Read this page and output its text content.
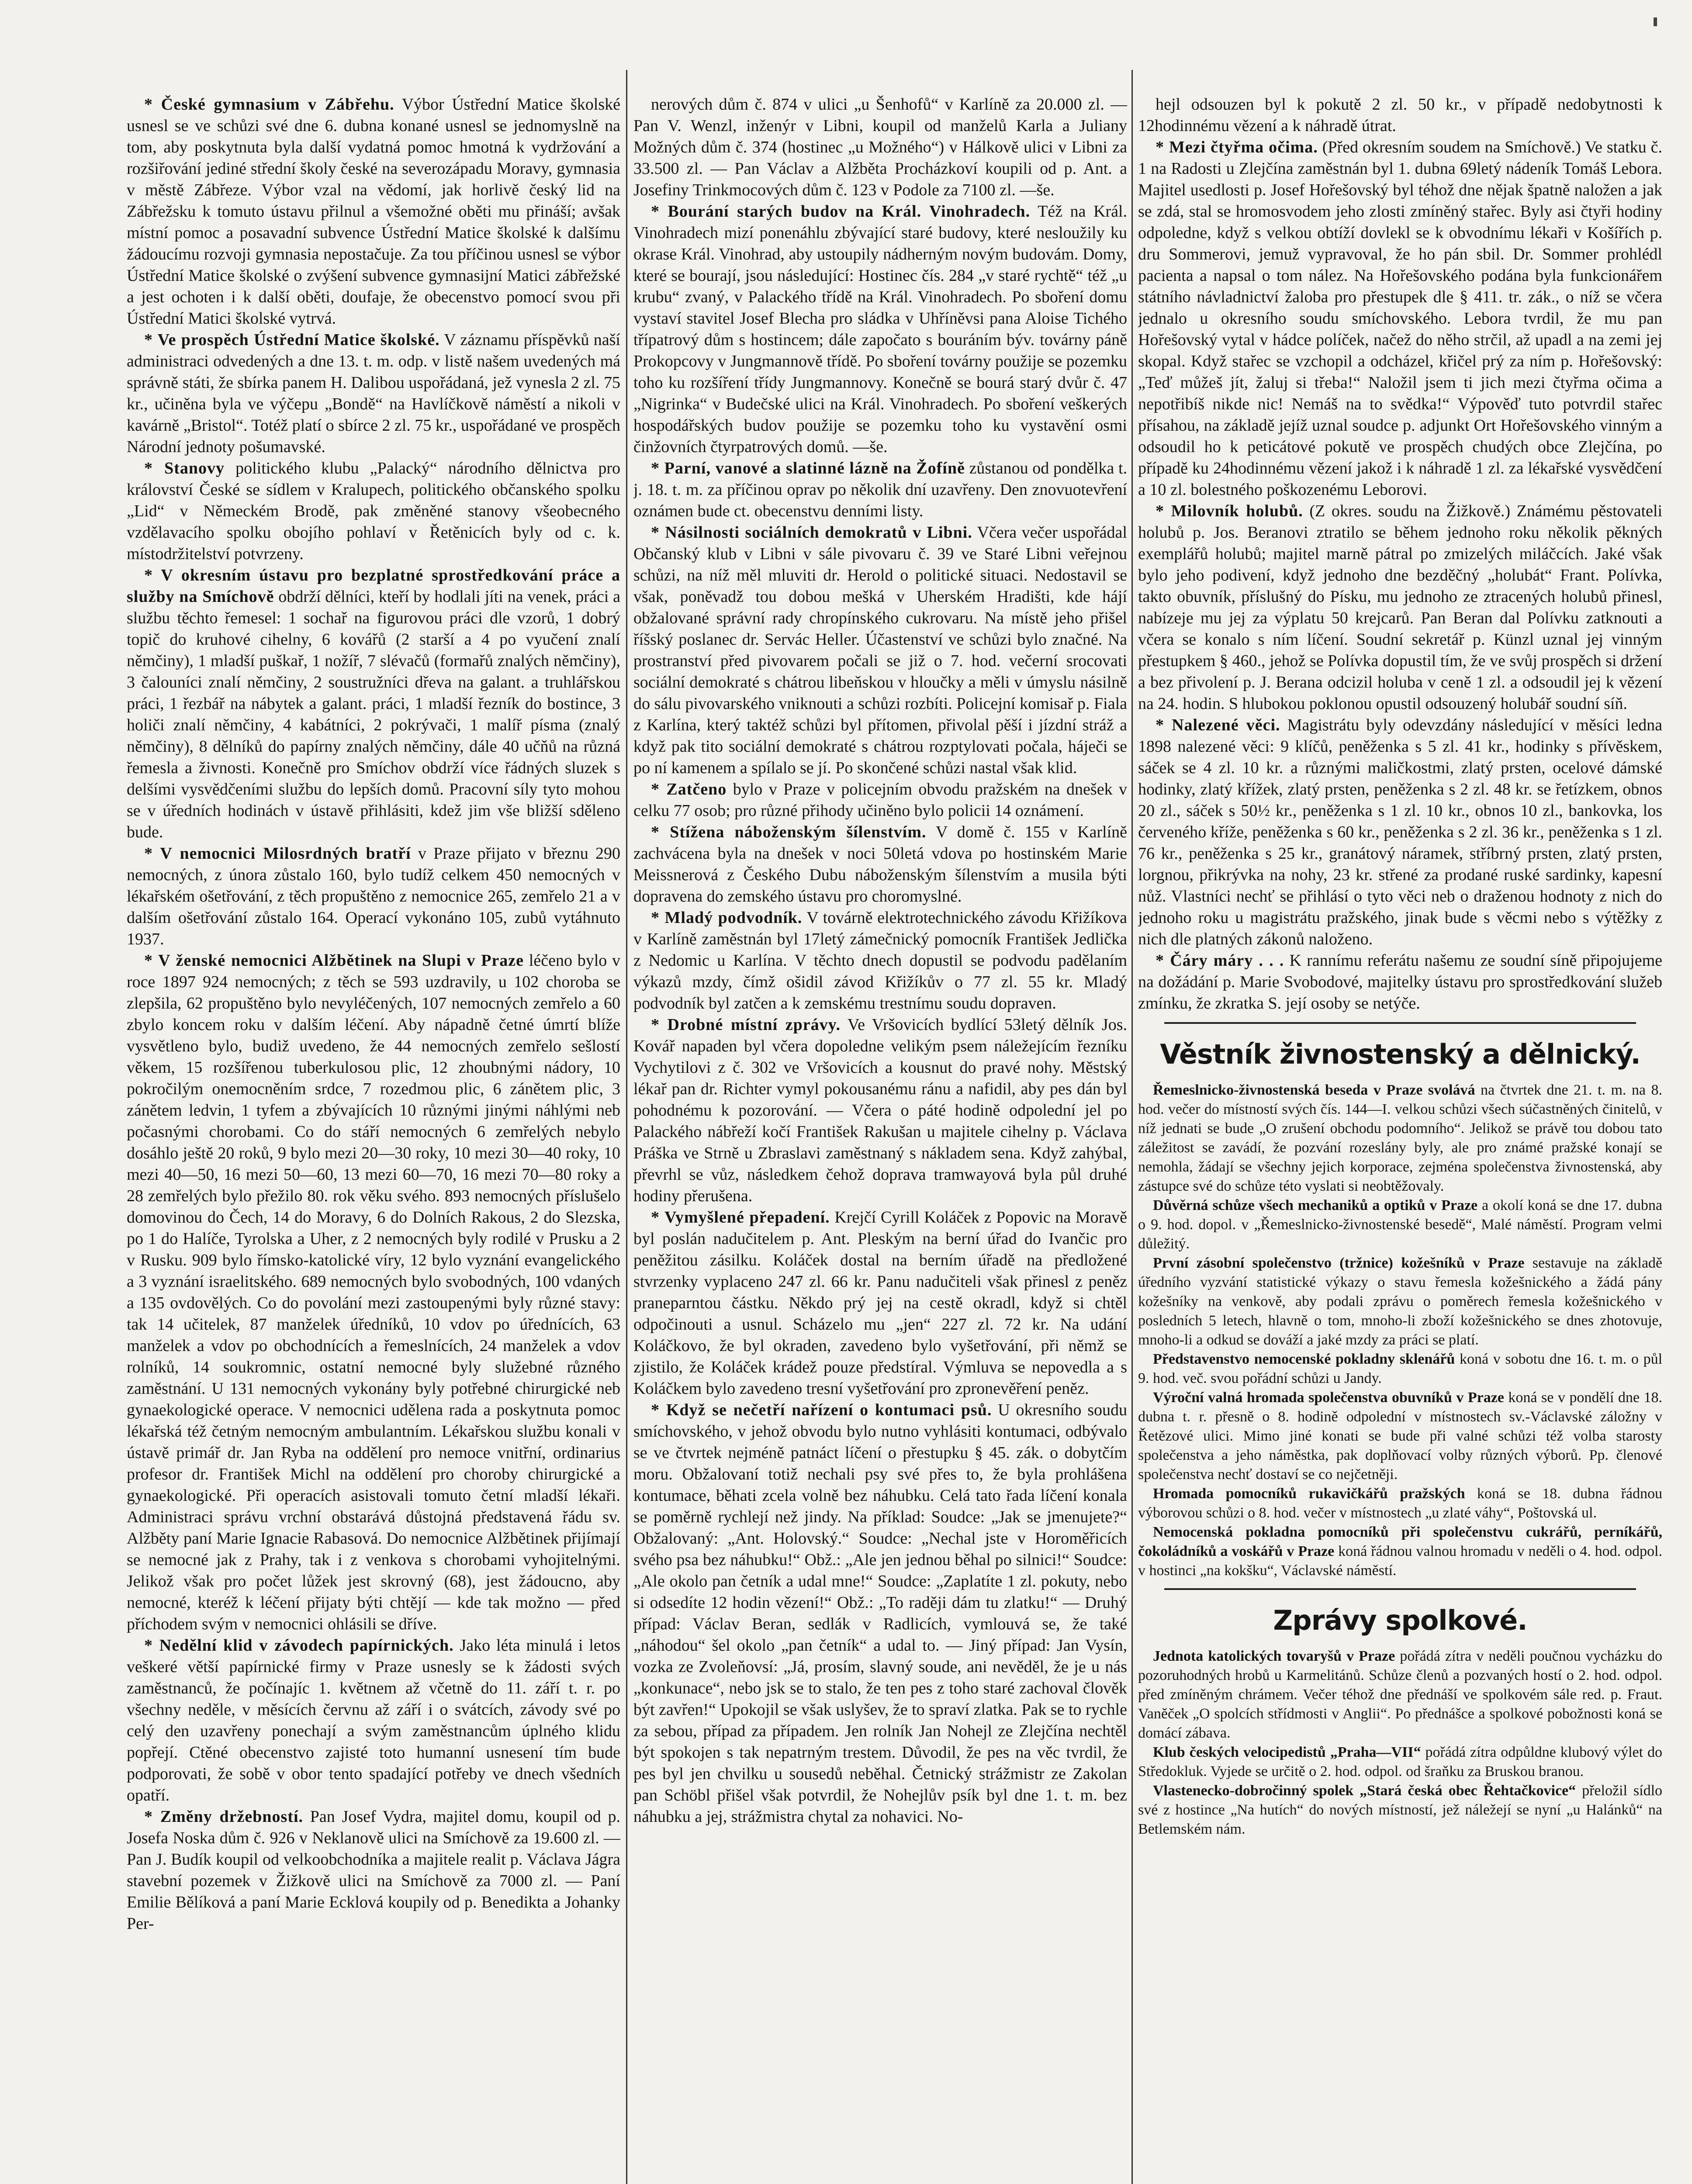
* České gymnasium v Zábřehu. Výbor Ústřední Matice školské usnesl se ve schůzi své dne 6. dubna konané usnesl se jednomyslně na tom, aby poskytnuta byla další vydatná pomoc hmotná k vydržování a rozšiřování jediné střední školy české na severozápadu Moravy, gymnasia v městě Zábřeze. Výbor vzal na vědomí, jak horlivě český lid na Zábřežsku k tomuto ústavu přilnul a všemožné oběti mu přináší; avšak místní pomoc a posavadní subvence Ústřední Matice školské k dalšímu žádoucímu rozvoji gymnasia nepostačuje. Za tou příčinou usnesl se výbor Ústřední Matice školské o zvýšení subvence gymnasijní Matici zábřežské a jest ochoten i k další oběti, doufaje, že obecenstvo pomocí svou při Ústřední Matici školské vytrvá.

* Ve prospěch Ústřední Matice školské. V záznamu příspěvků naší administraci odvedených a dne 13. t. m. odp. v listě našem uvedených má správně státi, že sbírka panem H. Dalibou uspořádaná, jež vynesla 2 zl. 75 kr., učiněna byla ve výčepu „Bondě“ na Havlíčkově náměstí a nikoli v kavárně „Bristol“. Totéž platí o sbírce 2 zl. 75 kr., uspořádané ve prospěch Národní jednoty pošumavské.

* Stanovy politického klubu „Palacký“ národního dělnictva pro království České se sídlem v Kralupech, politického občanského spolku „Lid“ v Německém Brodě, pak změněné stanovy všeobecného vzdělavacího spolku obojího pohlaví v Řetěnicích byly od c. k. místodržitelství potvrzeny.

* V okresním ústavu pro bezplatné sprostředkování práce a služby na Smíchově obdrží dělníci, kteří by hodlali jíti na venek, práci a službu těchto řemesel: 1 sochař na figurovou práci dle vzorů, 1 dobrý topič do kruhové cihelny, 6 kovářů (2 starší a 4 po vyučení znalí němčiny), 1 mladší puškař, 1 nožíř, 7 slévačů (formařů znalých němčiny), 3 čalouníci znalí němčiny, 2 soustružníci dřeva na galant. a truhlářskou práci, 1 řezbář na nábytek a galant. práci, 1 mladší řezník do bostince, 3 holiči znalí němčiny, 4 kabátníci, 2 pokrývači, 1 malíř písma (znalý němčiny), 8 dělníků do papírny znalých němčiny, dále 40 učňů na různá řemesla a živnosti. Konečně pro Smíchov obdrží více řádných sluzek s delšími vysvědčeními službu do lepších domů. Pracovní síly tyto mohou se v úředních hodinách v ústavě přihlásiti, kdež jim vše bližší sděleno bude.

* V nemocnici Milosrdných bratří v Praze přijato v březnu 290 nemocných, z února zůstalo 160, bylo tudíž celkem 450 nemocných v lékařském ošetřování, z těch propuštěno z nemocnice 265, zemřelo 21 a v dalším ošetřování zůstalo 164. Operací vykonáno 105, zubů vytáhnuto 1937.

* V ženské nemocnici Alžbětinek na Slupi v Praze léčeno bylo v roce 1897 924 nemocných; z těch se 593 uzdravily, u 102 choroba se zlepšila, 62 propuštěno bylo nevyléčených, 107 nemocných zemřelo a 60 zbylo koncem roku v dalším léčení. Aby nápadně četné úmrtí blíže vysvětleno bylo, budiž uvedeno, že 44 nemocných zemřelo sešlostí věkem, 15 rozšířenou tuberkulosou plic, 12 zhoubnými nádory, 10 pokročilým onemocněním srdce, 7 rozedmou plic, 6 zánětem plic, 3 zánětem ledvin, 1 tyfem a zbývajících 10 různými jinými náhlými neb počasnými chorobami. Co do stáří nemocných 6 zemřelých nebylo dosáhlo ještě 20 roků, 9 bylo mezi 20—30 roky, 10 mezi 30—40 roky, 10 mezi 40—50, 16 mezi 50—60, 13 mezi 60—70, 16 mezi 70—80 roky a 28 zemřelých bylo přežilo 80. rok věku svého. 893 nemocných příslušelo domovinou do Čech, 14 do Moravy, 6 do Dolních Rakous, 2 do Slezska, po 1 do Halíče, Tyrolska a Uher, z 2 nemocných byly rodilé v Prusku a 2 v Rusku. 909 bylo římsko-katolické víry, 12 bylo vyznání evangelického a 3 vyznání israelitského. 689 nemocných bylo svobodných, 100 vdaných a 135 ovdovělých. Co do povolání mezi zastoupenými byly různé stavy: tak 14 učitelek, 87 manželek úředníků, 10 vdov po úřednících, 63 manželek a vdov po obchodnících a řemeslnících, 24 manželek a vdov rolníků, 14 soukromnic, ostatní nemocné byly služebné různého zaměstnání. U 131 nemocných vykonány byly potřebné chirurgické neb gynaekologické operace. V nemocnici udělena rada a poskytnuta pomoc lékařská též četným nemocným ambulantním. Lékařskou službu konali v ústavě primář dr. Jan Ryba na oddělení pro nemoce vnitřní, ordinarius profesor dr. František Michl na oddělení pro choroby chirurgické a gynaekologické. Při operacích asistovali tomuto četní mladší lékaři. Administraci správu vrchní obstarává důstojná představená řádu sv. Alžběty paní Marie Ignacie Rabasová. Do nemocnice Alžbětinek přijímají se nemocné jak z Prahy, tak i z venkova s chorobami vyhojitelnými. Jelikož však pro počet lůžek jest skrovný (68), jest žádoucno, aby nemocné, kteréž k léčení přijaty býti chtějí — kde tak možno — před příchodem svým v nemocnici ohlásili se dříve.

* Nedělní klid v závodech papírnických. Jako léta minulá i letos veškeré větší papírnické firmy v Praze usnesly se k žádosti svých zaměstnanců, že počínajíc 1. květnem až včetně do 11. září t. r. po všechny neděle, v měsících červnu až září i o svátcích, závody své po celý den uzavřeny ponechají a svým zaměstnancům úplného klidu popřejí. Ctěné obecenstvo zajisté toto humanní usnesení tím bude podporovati, že sobě v obor tento spadající potřeby ve dnech všedních opatří.

* Změny držebností. Pan Josef Vydra, majitel domu, koupil od p. Josefa Noska dům č. 926 v Neklanově ulici na Smíchově za 19.600 zl. — Pan J. Budík koupil od velkoobchodníka a majitele realit p. Václava Jágra stavební pozemek v Žižkově ulici na Smíchově za 7000 zl. — Paní Emilie Bělíková a paní Marie Ecklová koupily od p. Benedikta a Johanky Per-

nerových dům č. 874 v ulici „u Šenhofů“ v Karlíně za 20.000 zl. — Pan V. Wenzl, inženýr v Libni, koupil od manželů Karla a Juliany Možných dům č. 374 (hostinec „u Možného“) v Hálkově ulici v Libni za 33.500 zl. — Pan Václav a Alžběta Procházkoví koupili od p. Ant. a Josefiny Trinkmocových dům č. 123 v Podole za 7100 zl. —še.

* Bourání starých budov na Král. Vinohradech. Též na Král. Vinohradech mizí ponenáhlu zbývající staré budovy, které nesloužily ku okrase Král. Vinohrad, aby ustoupily nádherným novým budovám. Domy, které se bourají, jsou následující: Hostinec čís. 284 „v staré rychtě“ též „u krubu“ zvaný, v Palackého třídě na Král. Vinohradech. Po sboření domu vystaví stavitel Josef Blecha pro sládka v Uhříněvsi pana Aloise Tichého třípatrový dům s hostincem; dále započato s bouráním býv. továrny páně Prokopcovy v Jungmannově třídě. Po sboření továrny použije se pozemku toho ku rozšíření třídy Jungmannovy. Konečně se bourá starý dvůr č. 47 „Nigrinka“ v Budečské ulici na Král. Vinohradech. Po sboření veškerých hospodářských budov použije se pozemku toho ku vystavění osmi činžovních čtyrpatrových domů. —še.

* Parní, vanové a slatinné lázně na Žofíně zůstanou od pondělka t. j. 18. t. m. za příčinou oprav po několik dní uzavřeny. Den znovuotevření oznámen bude ct. obecenstvu denními listy.

* Násilnosti sociálních demokratů v Libni. Včera večer uspořádal Občanský klub v Libni v sále pivovaru č. 39 ve Staré Libni veřejnou schůzi, na níž měl mluviti dr. Herold o politické situaci. Nedostavil se však, poněvadž tou dobou mešká v Uherském Hradišti, kde hájí obžalované správní rady chropínského cukrovaru. Na místě jeho přišel říšský poslanec dr. Servác Heller. Účastenství ve schůzi bylo značné. Na prostranství před pivovarem počali se již o 7. hod. večerní srocovati sociální demokraté s chátrou libeňskou v hloučky a měli v úmyslu násilně do sálu pivovarského vniknouti a schůzi rozbíti. Policejní komisař p. Fiala z Karlína, který taktéž schůzi byl přítomen, přivolal pěší i jízdní stráž a když pak tito sociální demokraté s chátrou rozptylovati počala, háječi se po ní kamenem a spílalo se jí. Po skončené schůzi nastal však klid.

* Zatčeno bylo v Praze v policejním obvodu pražském na dnešek v celku 77 osob; pro různé přihody učiněno bylo policii 14 oznámení.

* Stížena náboženským šílenstvím. V domě č. 155 v Karlíně zachvácena byla na dnešek v noci 50letá vdova po hostinském Marie Meissnerová z Českého Dubu náboženským šílenstvím a musila býti dopravena do zemského ústavu pro choromyslné.

* Mladý podvodník. V továrně elektrotechnického závodu Křižíkova v Karlíně zaměstnán byl 17letý zámečnický pomocník František Jedlička z Nedomic u Karlína. V těchto dnech dopustil se podvodu padělaním výkazů mzdy, čímž ošidil závod Křižíkův o 77 zl. 55 kr. Mladý podvodník byl zatčen a k zemskému trestnímu soudu dopraven.

* Drobné místní zprávy. Ve Vršovicích bydlící 53letý dělník Jos. Kovář napaden byl včera dopoledne velikým psem náležejícím řezníku Vychytilovi z č. 302 ve Vršovicích a kousnut do pravé nohy. Městský lékař pan dr. Richter vymyl pokousanému ránu a nafidil, aby pes dán byl pohodnému k pozorování. — Včera o páté hodině odpolední jel po Palackého nábřeží kočí František Rakušan u majitele cihelny p. Václava Práška ve Strně u Zbraslavi zaměstnaný s nákladem sena. Když zahýbal, převrhl se vůz, následkem čehož doprava tramwayová byla půl druhé hodiny přerušena.

* Vymyšlené přepadení. Krejčí Cyrill Koláček z Popovic na Moravě byl poslán nadučitelem p. Ant. Pleským na berní úřad do Ivančic pro peněžitou zásilku. Koláček dostal na berním úřadě na předložené stvrzenky vyplaceno 247 zl. 66 kr. Panu nadučiteli však přinesl z peněz praneparntou částku. Někdo prý jej na cestě okradl, když si chtěl odpočinouti a usnul. Scházelo mu „jen“ 227 zl. 72 kr. Na udání Koláčkovo, že byl okraden, zavedeno bylo vyšetřování, při němž se zjistilo, že Koláček krádež pouze předstíral. Výmluva se nepovedla a s Koláčkem bylo zavedeno tresní vyšetřování pro zpronevěření peněz.

* Když se nečetří nařízení o kontumaci psů. U okresního soudu smíchovského, v jehož obvodu bylo nutno vyhlásiti kontumaci, odbývalo se ve čtvrtek nejméně patnáct líčení o přestupku § 45. zák. o dobytčím moru. Obžalovaní totiž nechali psy své přes to, že byla prohlášena kontumace, běhati zcela volně bez náhubku. Celá tato řada líčení konala se poměrně rychlejí než jindy. Na příklad: Soudce: „Jak se jmenujete?“ Obžalovaný: „Ant. Holovský.“ Soudce: „Nechal jste v Horoměřicích svého psa bez náhubku!“ Obž.: „Ale jen jednou běhal po silnici!“ Soudce: „Ale okolo pan četník a udal mne!“ Soudce: „Zaplatíte 1 zl. pokuty, nebo si odsedíte 12 hodin vězení!“ Obž.: „To raději dám tu zlatku!“ — Druhý případ: Václav Beran, sedlák v Radlicích, vymlouvá se, že také „náhodou“ šel okolo „pan četník“ a udal to. — Jiný případ: Jan Vysín, vozka ze Zvoleňovsí: „Já, prosím, slavný soude, ani nevěděl, že je u nás „konkunace“, nebo jsk se to stalo, že ten pes z toho staré zachoval člověk být zavřen!“ Upokojil se však uslyšev, že to spraví zlatka. Pak se to rychle za sebou, případ za případem. Jen rolník Jan Nohejl ze Zlejčína nechtěl být spokojen s tak nepatrným trestem. Důvodil, že pes na věc tvrdil, že pes byl jen chvilku u sousedů neběhal. Četnický strážmistr ze Zakolan pan Schöbl přišel však potvrdil, že Nohejlův psík byl dne 1. t. m. bez náhubku a jej, strážmistra chytal za nohavici. No-

hejl odsouzen byl k pokutě 2 zl. 50 kr., v případě nedobytnosti k 12hodinnému vězení a k náhradě útrat.

* Mezi čtyřma očima. (Před okresním soudem na Smíchově.) Ve statku č. 1 na Radosti u Zlejčína zaměstnán byl 1. dubna 69letý nádeník Tomáš Lebora. Majitel usedlosti p. Josef Hořešovský byl téhož dne nějak špatně naložen a jak se zdá, stal se hromosvodem jeho zlosti zmíněný stařec. Byly asi čtyři hodiny odpoledne, když s velkou obtíží dovlekl se k obvodnímu lékaři v Košířích p. dru Sommerovi, jemuž vypravoval, že ho pán sbil. Dr. Sommer prohlédl pacienta a napsal o tom nález. Na Hořešovského podána byla funkcionářem státního návladnictví žaloba pro přestupek dle § 411. tr. zák., o níž se včera jednalo u okresního soudu smíchovského. Lebora tvrdil, že mu pan Hořešovský vytal v hádce políček, načež do něho strčil, až upadl a na zemi jej skopal. Když stařec se vzchopil a odcházel, křičel prý za ním p. Hořešovský: „Teď můžeš jít, žaluj si třeba!“ Naložil jsem ti jich mezi čtyřma očima a nepotřibíš nikde nic! Nemáš na to svědka!“ Výpověď tuto potvrdil stařec přísahou, na základě jejíž uznal soudce p. adjunkt Ort Hořešovského vinným a odsoudil ho k peticátové pokutě ve prospěch chudých obce Zlejčína, po případě ku 24hodinnému vězení jakož i k náhradě 1 zl. za lékařské vysvědčení a 10 zl. bolestného poškozenému Leborovi.

* Milovník holubů. (Z okres. soudu na Žižkově.) Známému pěstovateli holubů p. Jos. Beranovi ztratilo se během jednoho roku několik pěkných exemplářů holubů; majitel marně pátral po zmizelých miláčcích. Jaké však bylo jeho podivení, když jednoho dne bezděčný „holubát“ Frant. Polívka, takto obuvník, příslušný do Písku, mu jednoho ze ztracených holubů přinesl, nabízeje mu jej za výplatu 50 krejcarů. Pan Beran dal Polívku zatknouti a včera se konalo s ním líčení. Soudní sekretář p. Künzl uznal jej vinným přestupkem § 460., jehož se Polívka dopustil tím, že ve svůj prospěch si držení a bez přivolení p. J. Berana odcizil holuba v ceně 1 zl. a odsoudil jej k vězení na 24. hodin. S hlubokou poklonou opustil odsouzený holubář soudní síň.

* Nalezené věci. Magistrátu byly odevzdány následující v měsíci ledna 1898 nalezené věci: 9 klíčů, peněženka s 5 zl. 41 kr., hodinky s přívěskem, sáček se 4 zl. 10 kr. a různými maličkostmi, zlatý prsten, ocelové dámské hodinky, zlatý křížek, zlatý prsten, peněženka s 2 zl. 48 kr. se řetízkem, obnos 20 zl., sáček s 50½ kr., peněženka s 1 zl. 10 kr., obnos 10 zl., bankovka, los červeného kříže, peněženka s 60 kr., peněženka s 2 zl. 36 kr., peněženka s 1 zl. 76 kr., peněženka s 25 kr., granátový náramek, stříbrný prsten, zlatý prsten, lorgnou, přikrývka na nohy, 23 kr. střené za prodané ruské sardinky, kapesní nůž. Vlastníci nechť se přihlásí o tyto věci neb o draženou hodnoty z nich do jednoho roku u magistrátu pražského, jinak bude s věcmi nebo s výtěžky z nich dle platných zákonů naloženo.

* Čáry máry . . . K rannímu referátu našemu ze soudní síně připojujeme na dožádání p. Marie Svobodové, majitelky ústavu pro sprostředkování služeb zmínku, že zkratka S. její osoby se netýče.

Věstník živnostenský a dělnický.

Řemeslnicko-živnostenská beseda v Praze svolává na čtvrtek dne 21. t. m. na 8. hod. večer do místností svých čís. 144—I. velkou schůzi všech súčastněných činitelů, v níž jednati se bude „O zrušení obchodu podomního“. Jelikož se právě tou dobou tato záležitost se zavádí, že pozvání rozeslány byly, ale pro známé pražské konají se nemohla, žádají se všechny jejich korporace, zejména společenstva živnostenská, aby zástupce své do schůze této vyslati si neobtěžovaly.

Důvěrná schůze všech mechaniků a optiků v Praze a okolí koná se dne 17. dubna o 9. hod. dopol. v „Řemeslnicko-živnostenské besedě“, Malé náměstí. Program velmi důležitý.

První zásobní společenstvo (tržnice) kožešníků v Praze sestavuje na základě úředního vyzvání statistické výkazy o stavu řemesla kožešnického a žádá pány kožešníky na venkově, aby podali zprávu o poměrech řemesla kožešnického v posledních 5 letech, hlavně o tom, mnoho-li zboží kožešnického se dnes zhotovuje, mnoho-li a odkud se dováží a jaké mzdy za práci se platí.

Představenstvo nemocenské pokladny sklenářů koná v sobotu dne 16. t. m. o půl 9. hod. več. svou pořádní schůzi u Jandy.

Výroční valná hromada společenstva obuvníků v Praze koná se v pondělí dne 18. dubna t. r. přesně o 8. hodině odpolední v místnostech sv.-Václavské záložny v Řetězové ulici. Mimo jiné konati se bude při valné schůzi též volba starosty společenstva a jeho náměstka, pak doplňovací volby různých výborů. Pp. členové společenstva nechť dostaví se co nejčetněji.

Hromada pomocníků rukavičkářů pražských koná se 18. dubna řádnou výborovou schůzi o 8. hod. večer v místnostech „u zlaté váhy“, Poštovská ul.

Nemocenská pokladna pomocníků při společenstvu cukrářů, perníkářů, čokoládníků a voskářů v Praze koná řádnou valnou hromadu v neděli o 4. hod. odpol. v hostinci „na kokšku“, Václavské náměstí.

Zprávy spolkové.

Jednota katolických tovaryšů v Praze pořádá zítra v neděli poučnou vycházku do pozoruhodných hrobů u Karmelitánů. Schůze členů a pozvaných hostí o 2. hod. odpol. před zmíněným chrámem. Večer téhož dne přednáší ve spolkovém sále red. p. Fraut. Vaněček „O spolcích střídmosti v Anglii“. Po přednášce a spolkové pobožnosti koná se domácí zábava.

Klub českých velocipedistů „Praha—VII“ pořádá zítra odpůldne klubový výlet do Středokluk. Vyjede se určitě o 2. hod. odpol. od šraňku za Bruskou branou.

Vlastenecko-dobročinný spolek „Stará česká obec Řehtačkovice“ přeložil sídlo své z hostince „Na hutích“ do nových místností, jež náležejí se nyní „u Halánků“ na Betlemském nám.
